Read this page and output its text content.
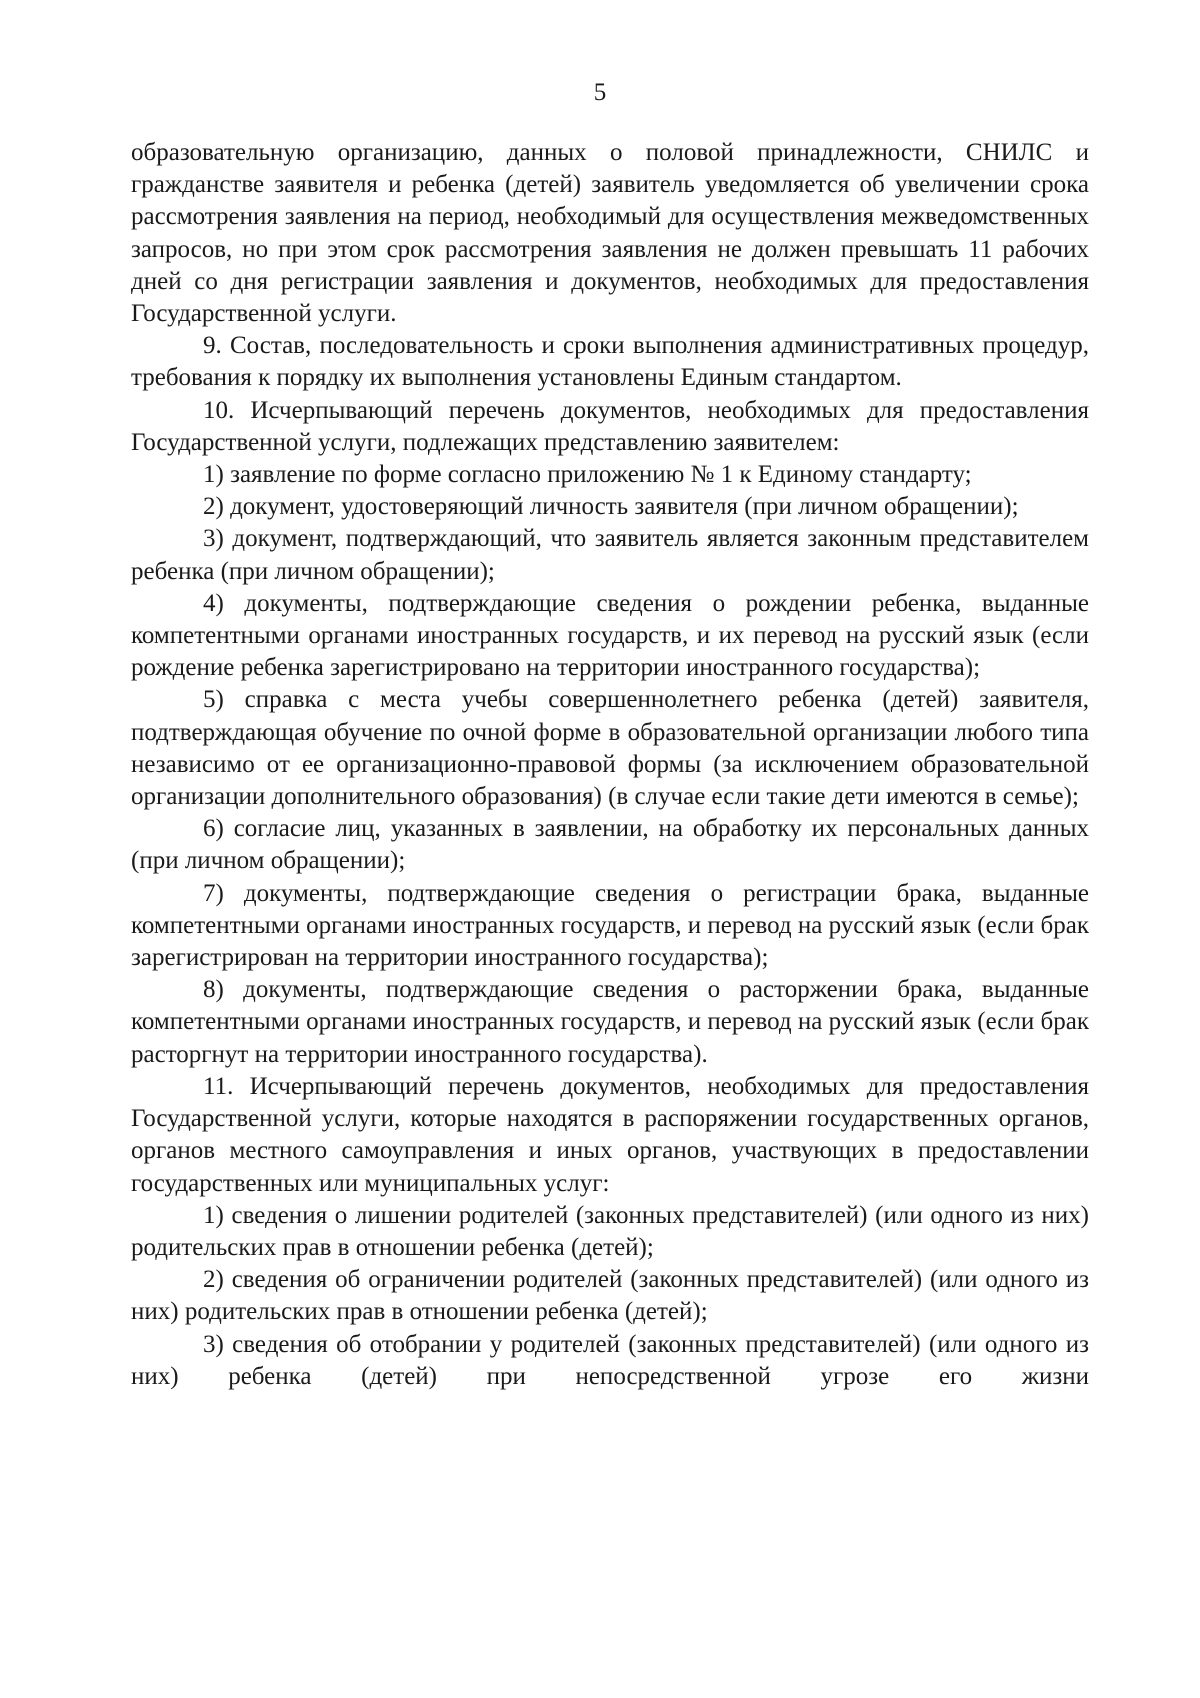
5

образовательную организацию, данных о половой принадлежности, СНИЛС и гражданстве заявителя и ребенка (детей) заявитель уведомляется об увеличении срока рассмотрения заявления на период, необходимый для осуществления межведомственных запросов, но при этом срок рассмотрения заявления не должен превышать 11 рабочих дней со дня регистрации заявления и документов, необходимых для предоставления Государственной услуги.

9. Состав, последовательность и сроки выполнения административных процедур, требования к порядку их выполнения установлены Единым стандартом.

10. Исчерпывающий перечень документов, необходимых для предоставления Государственной услуги, подлежащих представлению заявителем:

1) заявление по форме согласно приложению № 1 к Единому стандарту;

2) документ, удостоверяющий личность заявителя (при личном обращении);

3) документ, подтверждающий, что заявитель является законным представителем ребенка (при личном обращении);

4) документы, подтверждающие сведения о рождении ребенка, выданные компетентными органами иностранных государств, и их перевод на русский язык (если рождение ребенка зарегистрировано на территории иностранного государства);

5) справка с места учебы совершеннолетнего ребенка (детей) заявителя, подтверждающая обучение по очной форме в образовательной организации любого типа независимо от ее организационно-правовой формы (за исключением образовательной организации дополнительного образования) (в случае если такие дети имеются в семье);

6) согласие лиц, указанных в заявлении, на обработку их персональных данных (при личном обращении);

7) документы, подтверждающие сведения о регистрации брака, выданные компетентными органами иностранных государств, и перевод на русский язык (если брак зарегистрирован на территории иностранного государства);

8) документы, подтверждающие сведения о расторжении брака, выданные компетентными органами иностранных государств, и перевод на русский язык (если брак расторгнут на территории иностранного государства).

11. Исчерпывающий перечень документов, необходимых для предоставления Государственной услуги, которые находятся в распоряжении государственных органов, органов местного самоуправления и иных органов, участвующих в предоставлении государственных или муниципальных услуг:

1) сведения о лишении родителей (законных представителей) (или одного из них) родительских прав в отношении ребенка (детей);

2) сведения об ограничении родителей (законных представителей) (или одного из них) родительских прав в отношении ребенка (детей);

3) сведения об отобрании у родителей (законных представителей) (или одного из них) ребенка (детей) при непосредственной угрозе его жизни
